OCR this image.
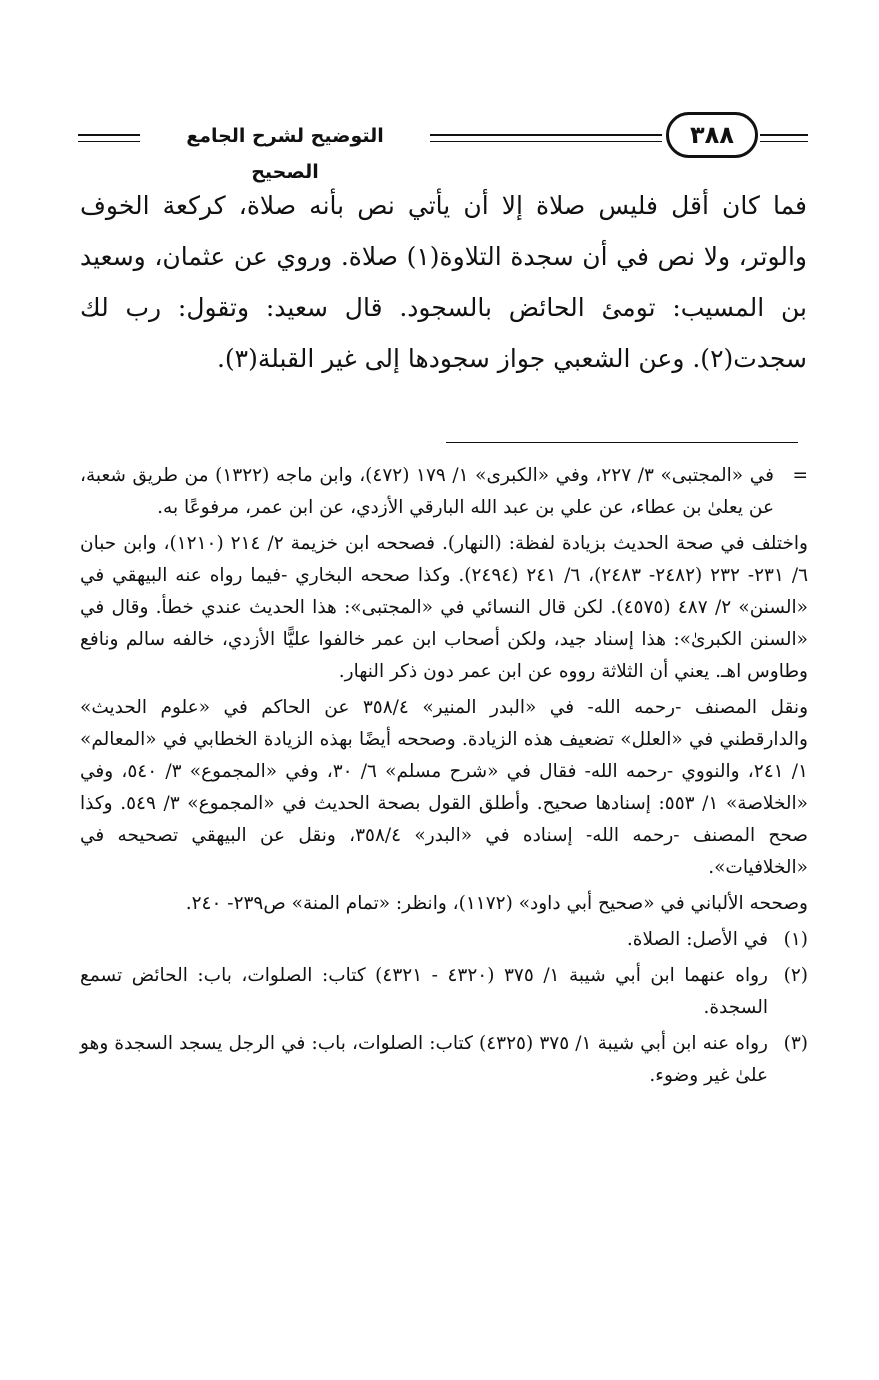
التوضيح لشرح الجامع الصحيح
٣٨٨

فما كان أقل فليس صلاة إلا أن يأتي نص بأنه صلاة، كركعة الخوف والوتر، ولا نص في أن سجدة التلاوة(١) صلاة. وروي عن عثمان، وسعيد بن المسيب: تومئ الحائض بالسجود. قال سعيد: وتقول: رب لك سجدت(٢). وعن الشعبي جواز سجودها إلى غير القبلة(٣).

=
في «المجتبى» ٣/ ٢٢٧، وفي «الكبرى» ١/ ١٧٩ (٤٧٢)، وابن ماجه (١٣٢٢) من طريق شعبة، عن يعلىٰ بن عطاء، عن علي بن عبد الله البارقي الأزدي، عن ابن عمر، مرفوعًا به.

واختلف في صحة الحديث بزيادة لفظة: (النهار). فصححه ابن خزيمة ٢/ ٢١٤ (١٢١٠)، وابن حبان ٦/ ٢٣١- ٢٣٢ (٢٤٨٢- ٢٤٨٣)، ٦/ ٢٤١ (٢٤٩٤). وكذا صححه البخاري -فيما رواه عنه البيهقي في «السنن» ٢/ ٤٨٧ (٤٥٧٥). لكن قال النسائي في «المجتبى»: هذا الحديث عندي خطأ. وقال في «السنن الكبرىٰ»: هذا إسناد جيد، ولكن أصحاب ابن عمر خالفوا عليًّا الأزدي، خالفه سالم ونافع وطاوس اهـ. يعني أن الثلاثة رووه عن ابن عمر دون ذكر النهار.

ونقل المصنف -رحمه الله- في «البدر المنير» ٣٥٨/٤ عن الحاكم في «علوم الحديث» والدارقطني في «العلل» تضعيف هذه الزيادة. وصححه أيضًا بهذه الزيادة الخطابي في «المعالم» ١/ ٢٤١، والنووي -رحمه الله- فقال في «شرح مسلم» ٦/ ٣٠، وفي «المجموع» ٣/ ٥٤٠، وفي «الخلاصة» ١/ ٥٥٣: إسنادها صحيح. وأطلق القول بصحة الحديث في «المجموع» ٣/ ٥٤٩. وكذا صحح المصنف -رحمه الله- إسناده في «البدر» ٣٥٨/٤، ونقل عن البيهقي تصحيحه في «الخلافيات».

وصححه الألباني في «صحيح أبي داود» (١١٧٢)، وانظر: «تمام المنة» ص٢٣٩- ٢٤٠.

(١)
في الأصل: الصلاة.
(٢)
رواه عنهما ابن أبي شيبة ١/ ٣٧٥ (٤٣٢٠ - ٤٣٢١) كتاب: الصلوات، باب: الحائض تسمع السجدة.
(٣)
رواه عنه ابن أبي شيبة ١/ ٣٧٥ (٤٣٢٥) كتاب: الصلوات، باب: في الرجل يسجد السجدة وهو علىٰ غير وضوء.
